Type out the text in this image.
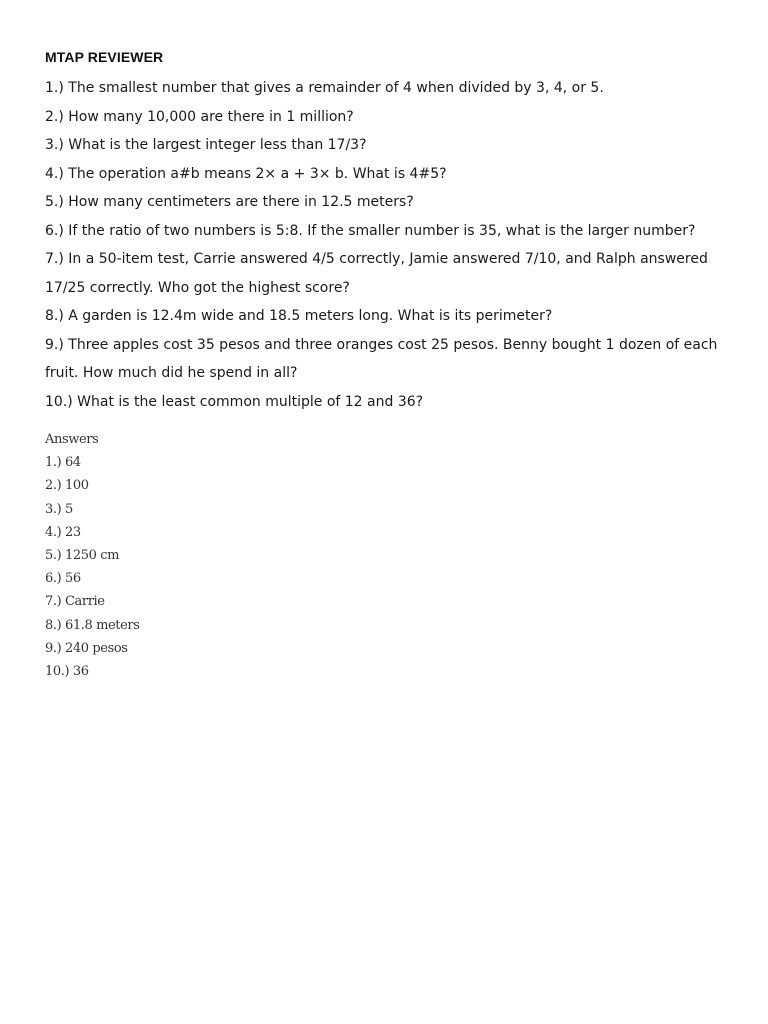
MTAP REVIEWER
1.) The smallest number that gives a remainder of 4 when divided by 3, 4, or 5.
2.) How many 10,000 are there in 1 million?
3.) What is the largest integer less than 17/3?
4.) The operation a#b means 2× a + 3× b. What is 4#5?
5.) How many centimeters are there in 12.5 meters?
6.) If the ratio of two numbers is 5:8. If the smaller number is 35, what is the larger number?
7.) In a 50-item test, Carrie answered 4/5 correctly, Jamie answered 7/10, and Ralph answered 17/25 correctly. Who got the highest score?
8.) A garden is 12.4m wide and 18.5 meters long. What is its perimeter?
9.) Three apples cost 35 pesos and three oranges cost 25 pesos. Benny bought 1 dozen of each fruit. How much did he spend in all?
10.) What is the least common multiple of 12 and 36?
Answers
1.) 64
2.) 100
3.) 5
4.) 23
5.) 1250 cm
6.) 56
7.) Carrie
8.) 61.8 meters
9.) 240 pesos
10.) 36
